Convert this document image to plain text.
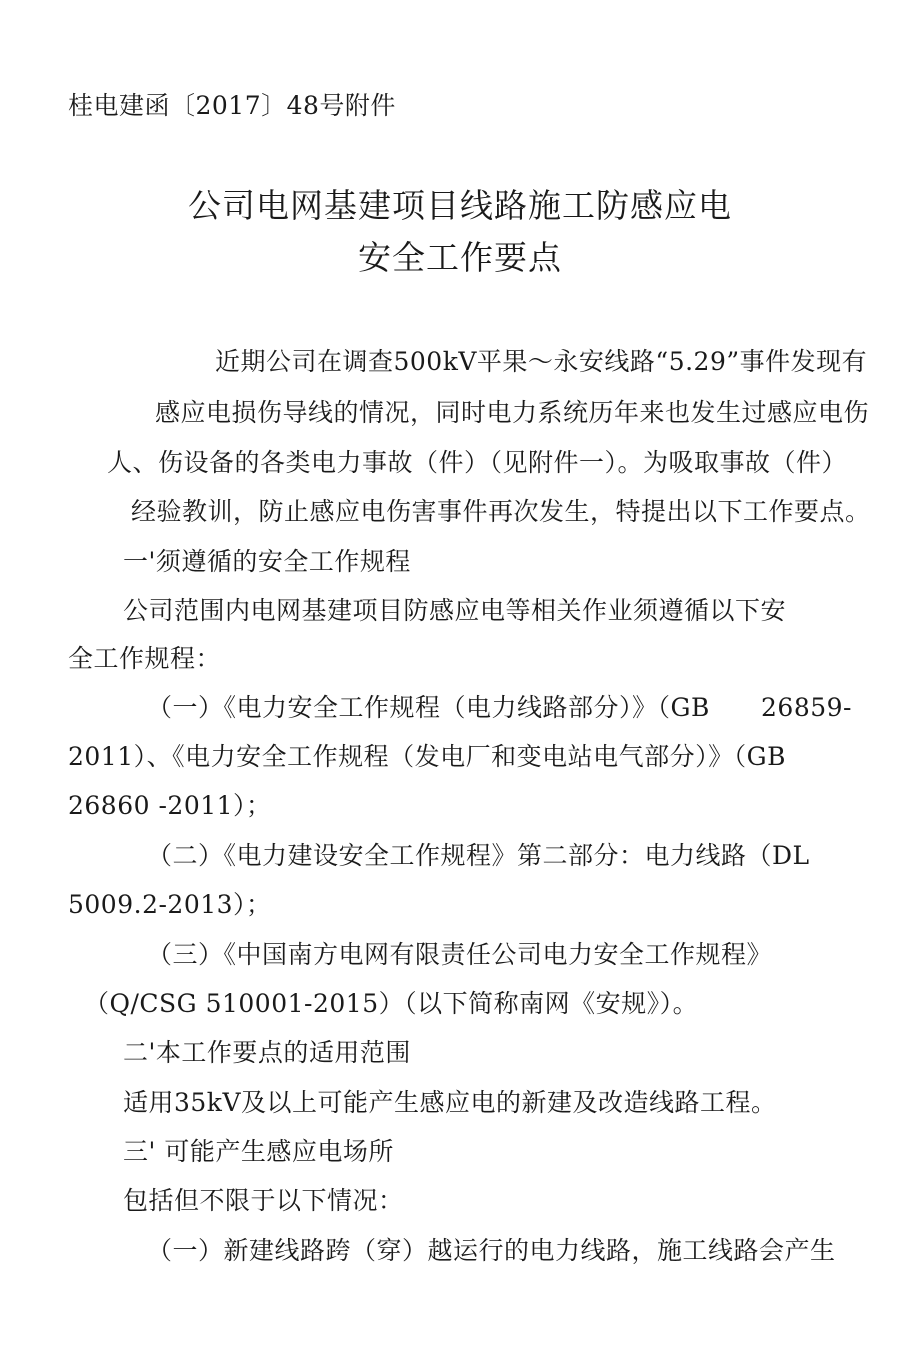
桂电建函〔2017〕48号附件
公司电网基建项目线路施工防感应电
安全工作要点
近期公司在调查500kV平果～永安线路“5.29”事件发现有
感应电损伤导线的情况，同时电力系统历年来也发生过感应电伤
人、伤设备的各类电力事故（件）（见附件一）。为吸取事故（件）
经验教训，防止感应电伤害事件再次发生，特提出以下工作要点。
一'须遵循的安全工作规程
公司范围内电网基建项目防感应电等相关作业须遵循以下安
全工作规程：
（一）《电力安全工作规程（电力线路部分）》（GB 26859-
2011）、《电力安全工作规程（发电厂和变电站电气部分）》（GB
26860 -2011）；
（二）《电力建设安全工作规程》第二部分：电力线路（DL
5009.2-2013）；
（三）《中国南方电网有限责任公司电力安全工作规程》
（Q/CSG 510001-2015）（以下简称南网《安规》）。
二'本工作要点的适用范围
适用35kV及以上可能产生感应电的新建及改造线路工程。
三' 可能产生感应电场所
包括但不限于以下情况：
（一）新建线路跨（穿）越运行的电力线路，施工线路会产生
